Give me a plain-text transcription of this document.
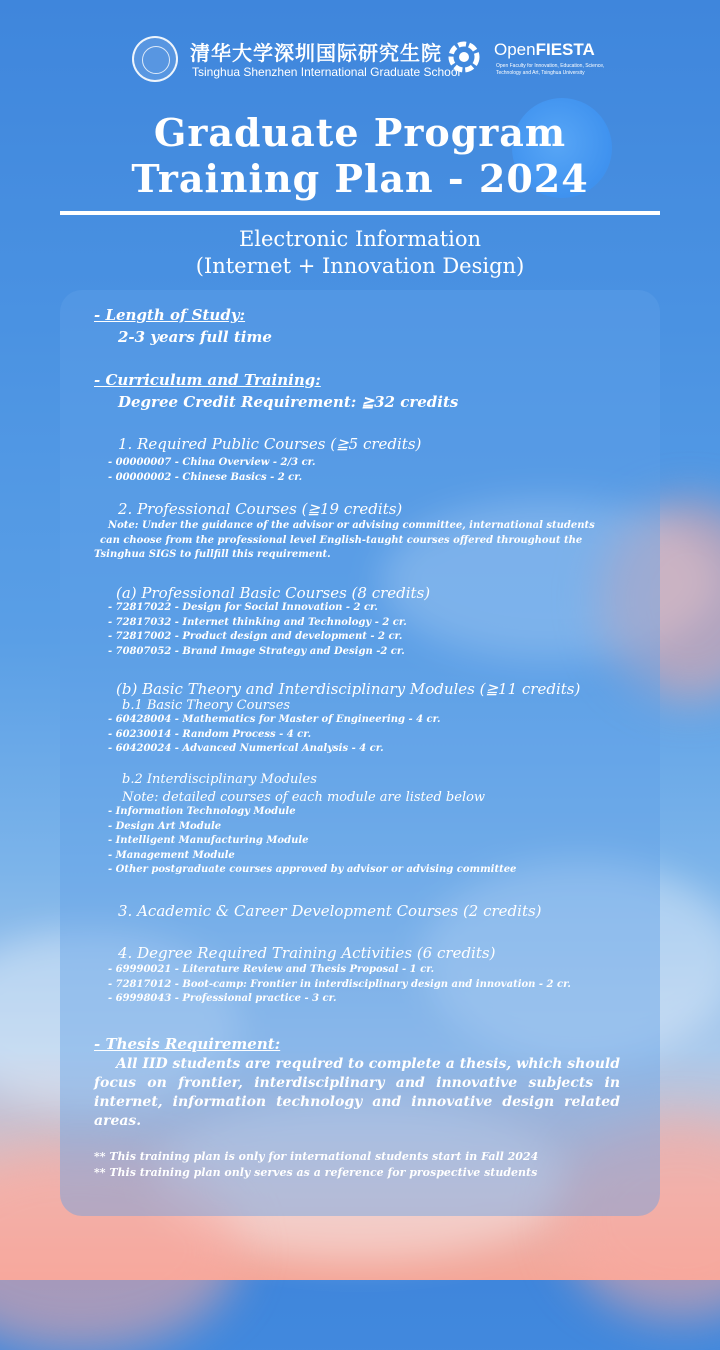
清华大学深圳国际研究生院
Tsinghua Shenzhen International Graduate School
OpenFIESTA
Open Faculty for Innovation, Education, Science, Technology and Art, Tsinghua University
Graduate Program
Training Plan - 2024
Electronic Information
(Internet + Innovation Design)
- Length of Study:
2-3 years full time
- Curriculum and Training:
Degree Credit Requirement: ≧32 credits
1. Required Public Courses (≧5 credits)
- 00000007 - China Overview - 2/3 cr.
- 00000002 - Chinese Basics - 2 cr.
2. Professional Courses (≧19 credits)
Note: Under the guidance of the advisor or advising committee, international students
can choose from the professional level English-taught courses offered throughout the
Tsinghua SIGS to fullfill this requirement.
(a) Professional Basic Courses (8 credits)
- 72817022 - Design for Social Innovation - 2 cr.
- 72817032 - Internet thinking and Technology - 2 cr.
- 72817002 - Product design and development - 2 cr.
- 70807052 - Brand Image Strategy and Design -2 cr.
(b) Basic Theory and Interdisciplinary Modules (≧11 credits)
b.1 Basic Theory Courses
- 60428004 - Mathematics for Master of Engineering - 4 cr.
- 60230014 - Random Process - 4 cr.
- 60420024 - Advanced Numerical Analysis - 4 cr.
b.2 Interdisciplinary Modules
Note: detailed courses of each module are listed below
- Information Technology Module
- Design Art Module
- Intelligent Manufacturing Module
- Management Module
- Other postgraduate courses approved by advisor or advising committee
3. Academic & Career Development Courses (2 credits)
4. Degree Required Training Activities (6 credits)
- 69990021 - Literature Review and Thesis Proposal - 1 cr.
- 72817012 - Boot-camp: Frontier in interdisciplinary design and innovation - 2 cr.
- 69998043 - Professional practice - 3 cr.
- Thesis Requirement:
All IID students are required to complete a thesis, which should focus on frontier, interdisciplinary and innovative subjects in internet, information technology and innovative design related areas.
** This training plan is only for international students start in Fall 2024
** This training plan only serves as a reference for prospective students
